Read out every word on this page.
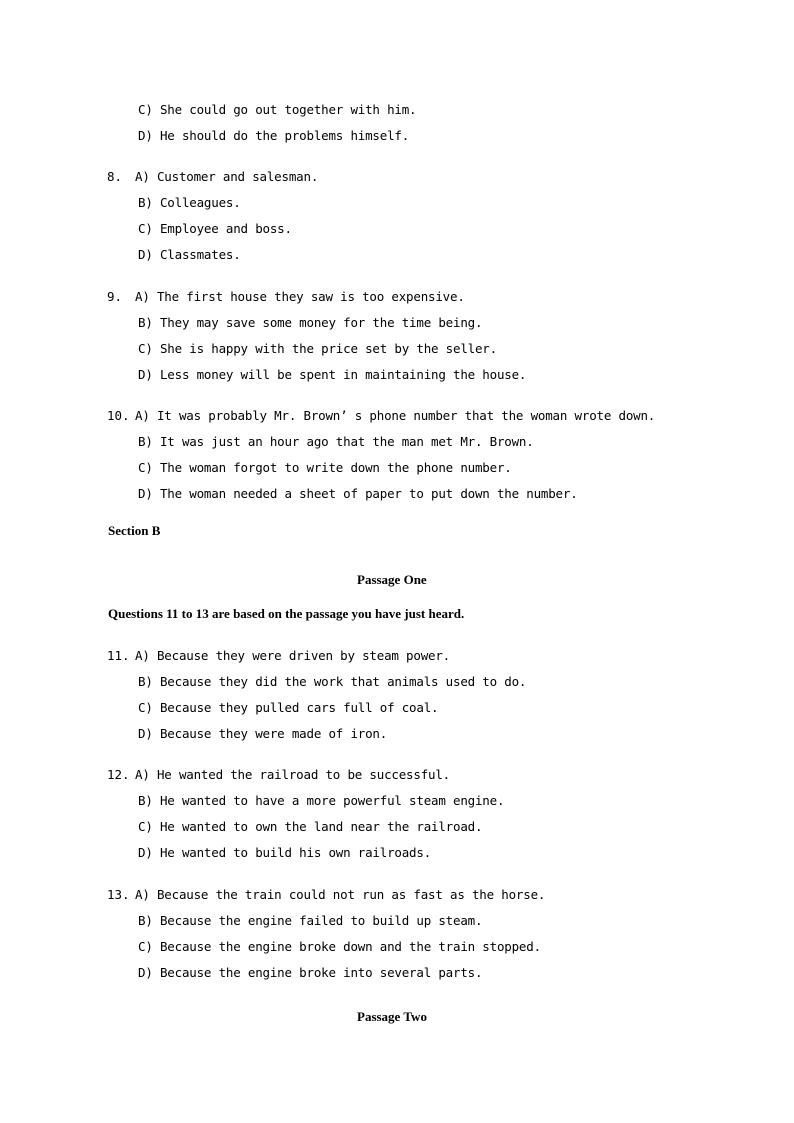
C) She could go out together with him.
D) He should do the problems himself.
8. A) Customer and salesman.
B) Colleagues.
C) Employee and boss.
D) Classmates.
9. A) The first house they saw is too expensive.
B) They may save some money for the time being.
C) She is happy with the price set by the seller.
D) Less money will be spent in maintaining the house.
10. A) It was probably Mr. Brown’ s phone number that the woman wrote down.
B) It was just an hour ago that the man met Mr. Brown.
C) The woman forgot to write down the phone number.
D) The woman needed a sheet of paper to put down the number.
Section B
Passage One
Questions 11 to 13 are based on the passage you have just heard.
11. A) Because they were driven by steam power.
B) Because they did the work that animals used to do.
C) Because they pulled cars full of coal.
D) Because they were made of iron.
12. A) He wanted the railroad to be successful.
B) He wanted to have a more powerful steam engine.
C) He wanted to own the land near the railroad.
D) He wanted to build his own railroads.
13. A) Because the train could not run as fast as the horse.
B) Because the engine failed to build up steam.
C) Because the engine broke down and the train stopped.
D) Because the engine broke into several parts.
Passage Two
